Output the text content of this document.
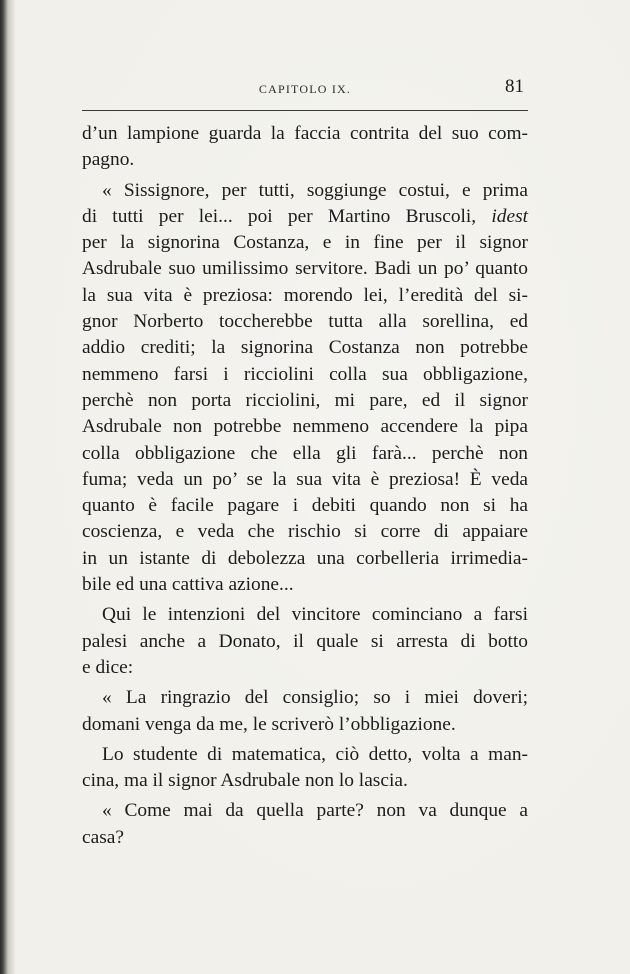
CAPITOLO IX.	81
d’un lampione guarda la faccia contrita del suo com-
pagno.
« Sissignore, per tutti, soggiunge costui, e prima
di tutti per lei... poi per Martino Bruscoli, idest
per la signorina Costanza, e in fine per il signor
Asdrubale suo umilissimo servitore. Badi un po’ quanto
la sua vita è preziosa: morendo lei, l’eredità del si-
gnor Norberto toccherebbe tutta alla sorellina, ed
addio crediti; la signorina Costanza non potrebbe
nemmeno farsi i ricciolini colla sua obbligazione,
perchè non porta ricciolini, mi pare, ed il signor
Asdrubale non potrebbe nemmeno accendere la pipa
colla obbligazione che ella gli farà... perchè non
fuma; veda un po’ se la sua vita è preziosa! È veda
quanto è facile pagare i debiti quando non si ha
coscienza, e veda che rischio si corre di appaiare
in un istante di debolezza una corbelleria irrimedia-
bile ed una cattiva azione...
Qui le intenzioni del vincitore cominciano a farsi
palesi anche a Donato, il quale si arresta di botto
e dice:
« La ringrazio del consiglio; so i miei doveri;
domani venga da me, le scriverò l’obbligazione.
Lo studente di matematica, ciò detto, volta a man-
cina, ma il signor Asdrubale non lo lascia.
« Come mai da quella parte? non va dunque a
casa?
